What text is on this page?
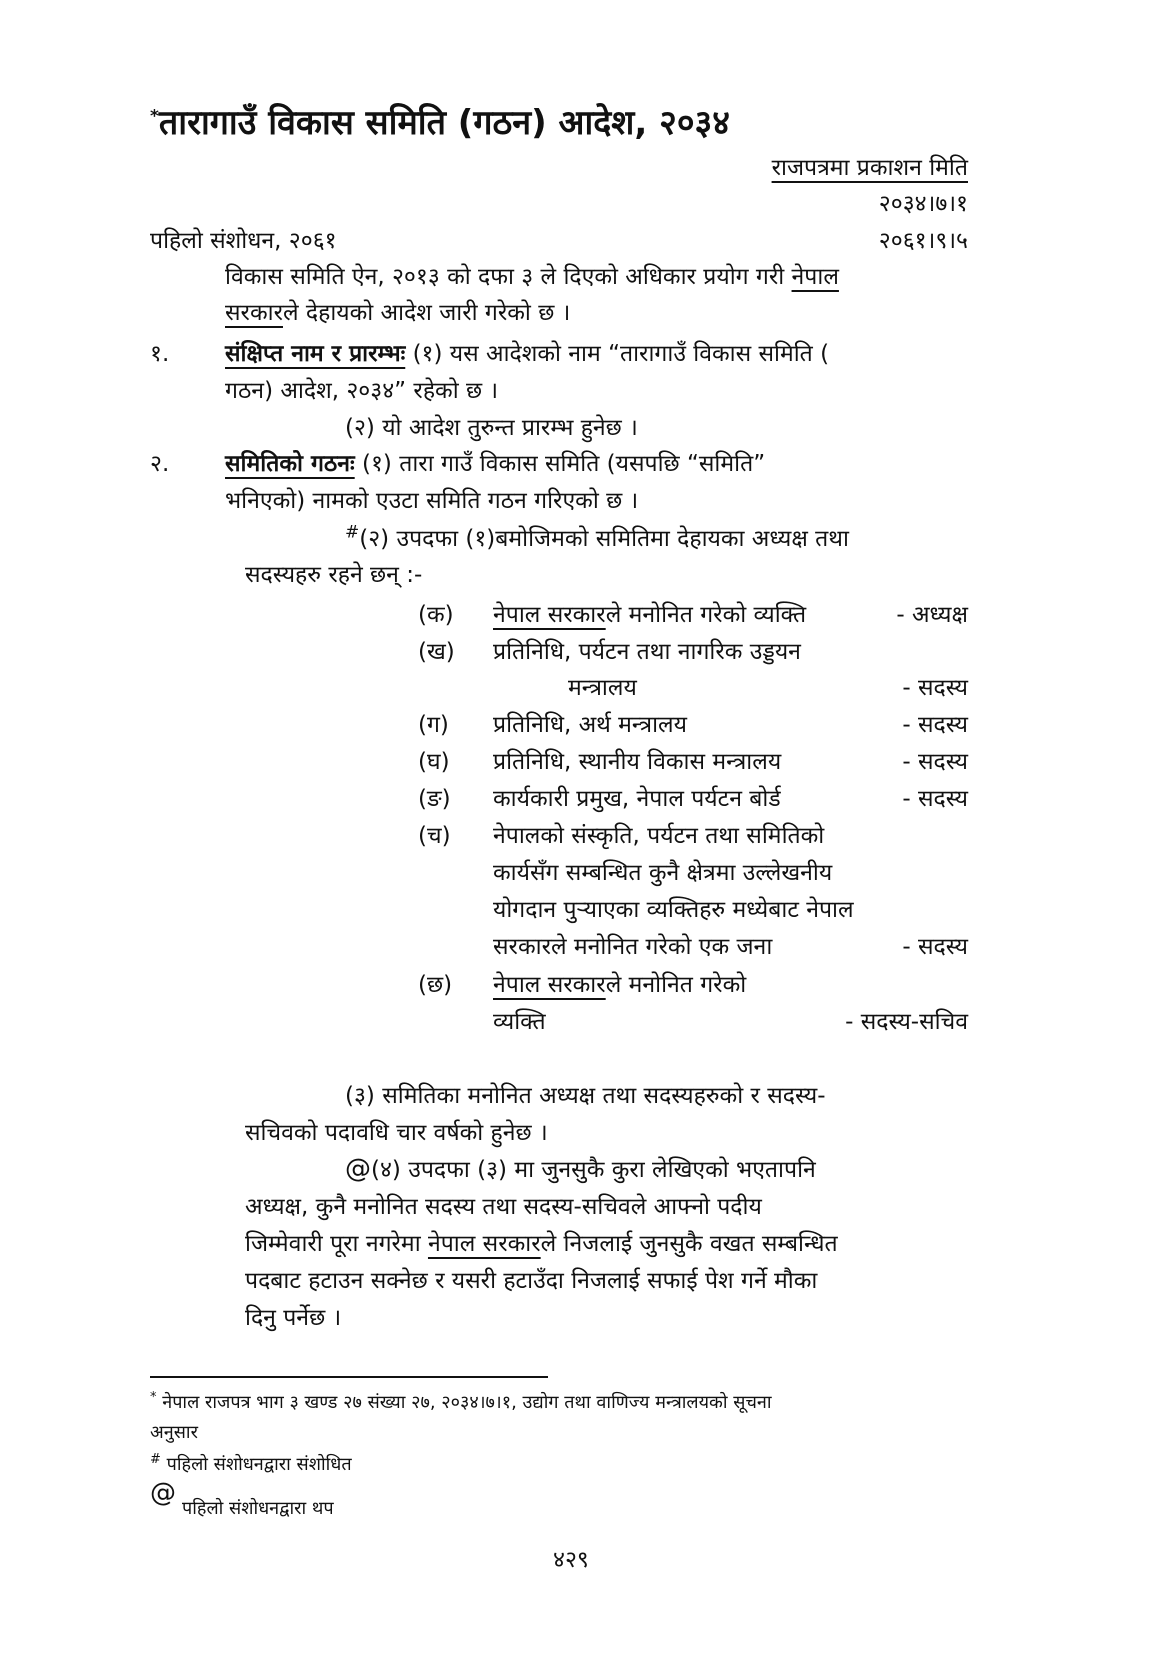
*तारागाउँ विकास समिति (गठन) आदेश, २०३४
राजपत्रमा प्रकाशन मिति
२०३४।७।१
पहिलो संशोधन, २०६१	२०६१।९।५
विकास समिति ऐन, २०१३ को दफा ३ ले दिएको अधिकार प्रयोग गरी नेपाल
सरकारले देहायको आदेश जारी गरेको छ ।
१. संक्षिप्त नाम र प्रारम्भः (१) यस आदेशको नाम “तारागाउँ विकास समिति (
गठन) आदेश, २०३४” रहेको छ ।
(२) यो आदेश तुरुन्त प्रारम्भ हुनेछ ।
२. समितिको गठनः (१) तारा गाउँ विकास समिति (यसपछि “समिति”
भनिएको) नामको एउटा समिति गठन गरिएको छ ।
#(२) उपदफा (१)बमोजिमको समितिमा देहायका अध्यक्ष तथा
सदस्यहरु रहने छन् :-
(क) नेपाल सरकारले मनोनित गरेको व्यक्ति	- अध्यक्ष
(ख) प्रतिनिधि, पर्यटन तथा नागरिक उड्डयन
मन्त्रालय	- सदस्य
(ग) प्रतिनिधि, अर्थ मन्त्रालय	- सदस्य
(घ) प्रतिनिधि, स्थानीय विकास मन्त्रालय	- सदस्य
(ङ) कार्यकारी प्रमुख, नेपाल पर्यटन बोर्ड	- सदस्य
(च) नेपालको संस्कृति, पर्यटन तथा समितिको
कार्यसँग सम्बन्धित कुनै क्षेत्रमा उल्लेखनीय
योगदान पुऱ्याएका व्यक्तिहरु मध्येबाट नेपाल
सरकारले मनोनित गरेको एक जना	- सदस्य
(छ) नेपाल सरकारले मनोनित गरेको
व्यक्ति	- सदस्य-सचिव
(३) समितिका मनोनित अध्यक्ष तथा सदस्यहरुको र सदस्य-
सचिवको पदावधि चार वर्षको हुनेछ ।
@(४) उपदफा (३) मा जुनसुकै कुरा लेखिएको भएतापनि
अध्यक्ष, कुनै मनोनित सदस्य तथा सदस्य-सचिवले आफ्नो पदीय
जिम्मेवारी पूरा नगरेमा नेपाल सरकारले निजलाई जुनसुकै वखत सम्बन्धित
पदबाट हटाउन सक्नेछ र यसरी हटाउँदा निजलाई सफाई पेश गर्ने मौका
दिनु पर्नेछ ।
* नेपाल राजपत्र भाग ३ खण्ड २७ संख्या २७, २०३४।७।१, उद्योग तथा वाणिज्य मन्त्रालयको सूचना
अनुसार
# पहिलो संशोधनद्वारा संशोधित
@
पहिलो संशोधनद्वारा थप
४२९
